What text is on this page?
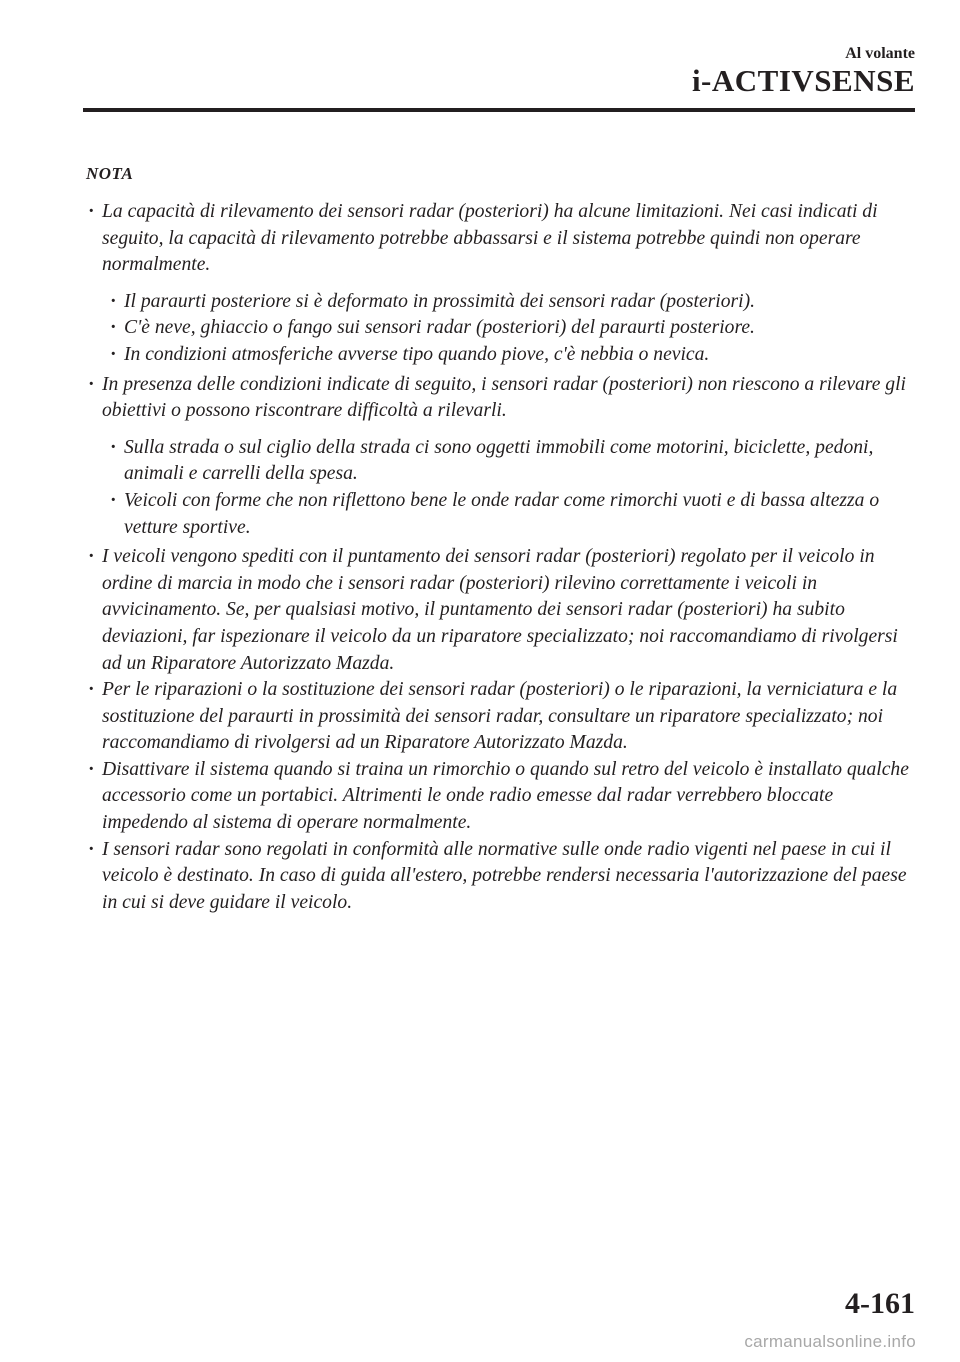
Al volante
i-ACTIVSENSE
NOTA
· La capacità di rilevamento dei sensori radar (posteriori) ha alcune limitazioni. Nei casi indicati di seguito, la capacità di rilevamento potrebbe abbassarsi e il sistema potrebbe quindi non operare normalmente.
· Il paraurti posteriore si è deformato in prossimità dei sensori radar (posteriori).
· C'è neve, ghiaccio o fango sui sensori radar (posteriori) del paraurti posteriore.
· In condizioni atmosferiche avverse tipo quando piove, c'è nebbia o nevica.
· In presenza delle condizioni indicate di seguito, i sensori radar (posteriori) non riescono a rilevare gli obiettivi o possono riscontrare difficoltà a rilevarli.
· Sulla strada o sul ciglio della strada ci sono oggetti immobili come motorini, biciclette, pedoni, animali e carrelli della spesa.
· Veicoli con forme che non riflettono bene le onde radar come rimorchi vuoti e di bassa altezza o vetture sportive.
· I veicoli vengono spediti con il puntamento dei sensori radar (posteriori) regolato per il veicolo in ordine di marcia in modo che i sensori radar (posteriori) rilevino correttamente i veicoli in avvicinamento. Se, per qualsiasi motivo, il puntamento dei sensori radar (posteriori) ha subito deviazioni, far ispezionare il veicolo da un riparatore specializzato; noi raccomandiamo di rivolgersi ad un Riparatore Autorizzato Mazda.
· Per le riparazioni o la sostituzione dei sensori radar (posteriori) o le riparazioni, la verniciatura e la sostituzione del paraurti in prossimità dei sensori radar, consultare un riparatore specializzato; noi raccomandiamo di rivolgersi ad un Riparatore Autorizzato Mazda.
· Disattivare il sistema quando si traina un rimorchio o quando sul retro del veicolo è installato qualche accessorio come un portabici. Altrimenti le onde radio emesse dal radar verrebbero bloccate impedendo al sistema di operare normalmente.
· I sensori radar sono regolati in conformità alle normative sulle onde radio vigenti nel paese in cui il veicolo è destinato. In caso di guida all'estero, potrebbe rendersi necessaria l'autorizzazione del paese in cui si deve guidare il veicolo.
4-161
carmanualsonline.info
